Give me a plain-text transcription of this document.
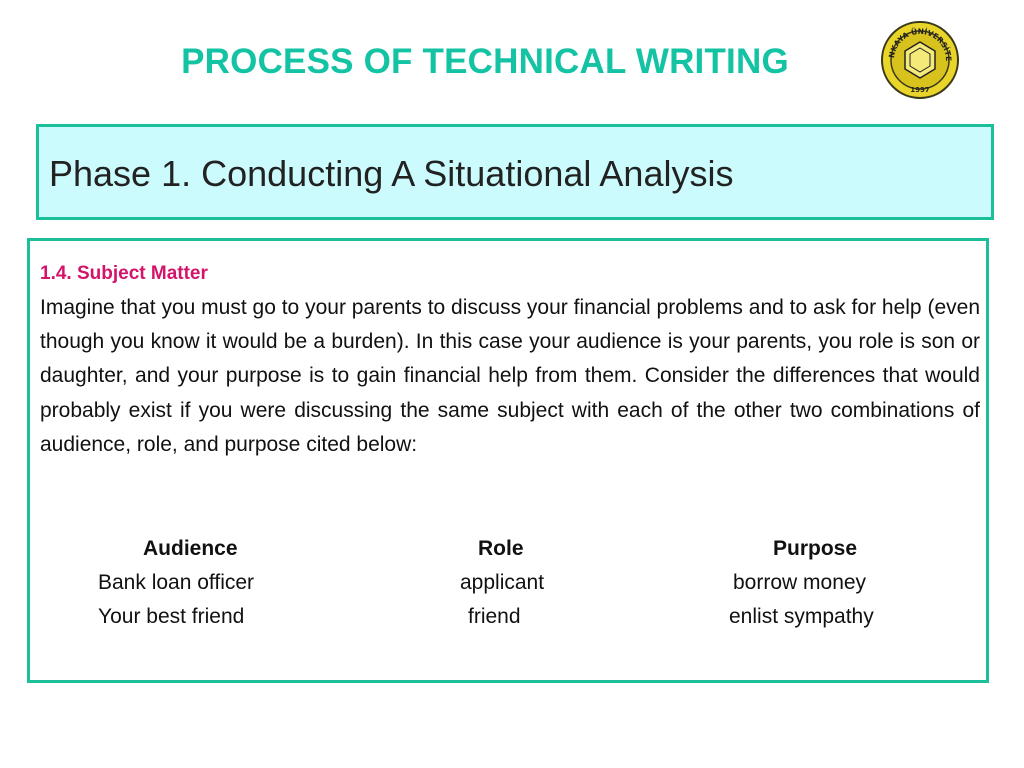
PROCESS OF TECHNICAL WRITING	NKAYA ÜNİVERSİTE
1997
Phase 1. Conducting A Situational Analysis
1.4. Subject Matter

Imagine that you must go to your parents to discuss your financial problems and to ask for help (even though you know it would be a burden). In this case your audience is your parents, you role is son or daughter, and your purpose is to gain financial help from them. Consider the differences that would probably exist if you were discussing the same subject with each of the other two combinations of audience, role, and purpose cited below:

Audience	Role	Purpose
Bank loan officer	applicant	borrow money
Your best friend	friend	enlist sympathy
